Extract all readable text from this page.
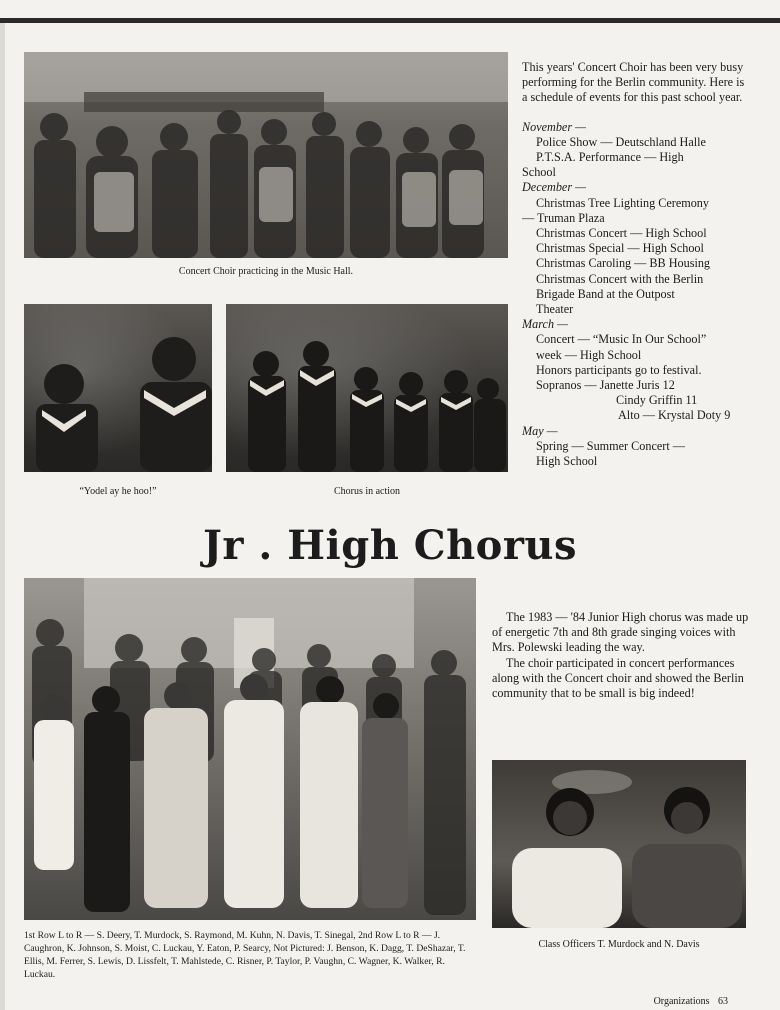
Concert Choir practicing in the Music Hall.
“Yodel ay he hoo!”	Chorus in action

This years' Concert Choir has been very busy performing for the Berlin community. Here is a schedule of events for this past school year.

November —

Police Show — Deutschland Halle

P.T.S.A. Performance — High

School

December —

Christmas Tree Lighting Ceremony

— Truman Plaza

Christmas Concert — High School

Christmas Special — High School

Christmas Caroling — BB Housing

Christmas Concert with the Berlin

Brigade Band at the Outpost

Theater

March —

Concert — “Music In Our School”

week — High School

Honors participants go to festival.

Sopranos — Janette Juris 12

Cindy Griffin 11

Alto — Krystal Doty 9

May —

Spring — Summer Concert —

High School

Jr . High Chorus

The 1983 — '84 Junior High chorus was made up of energetic 7th and 8th grade singing voices with Mrs. Polewski leading the way.

The choir participated in concert performances along with the Concert choir and showed the Berlin community that to be small is big indeed!

Class Officers T. Murdock and N. Davis
1st Row L to R — S. Deery, T. Murdock, S. Raymond, M. Kuhn, N. Davis, T. Sinegal, 2nd Row L to R — J. Caughron, K. Johnson, S. Moist, C. Luckau, Y. Eaton, P. Searcy, Not Pictured: J. Benson, K. Dagg, T. DeShazar, T. Ellis, M. Ferrer, S. Lewis, D. Lissfelt, T. Mahlstede, C. Risner, P. Taylor, P. Vaughn, C. Wagner, K. Walker, R. Luckau.
Organizations 63
